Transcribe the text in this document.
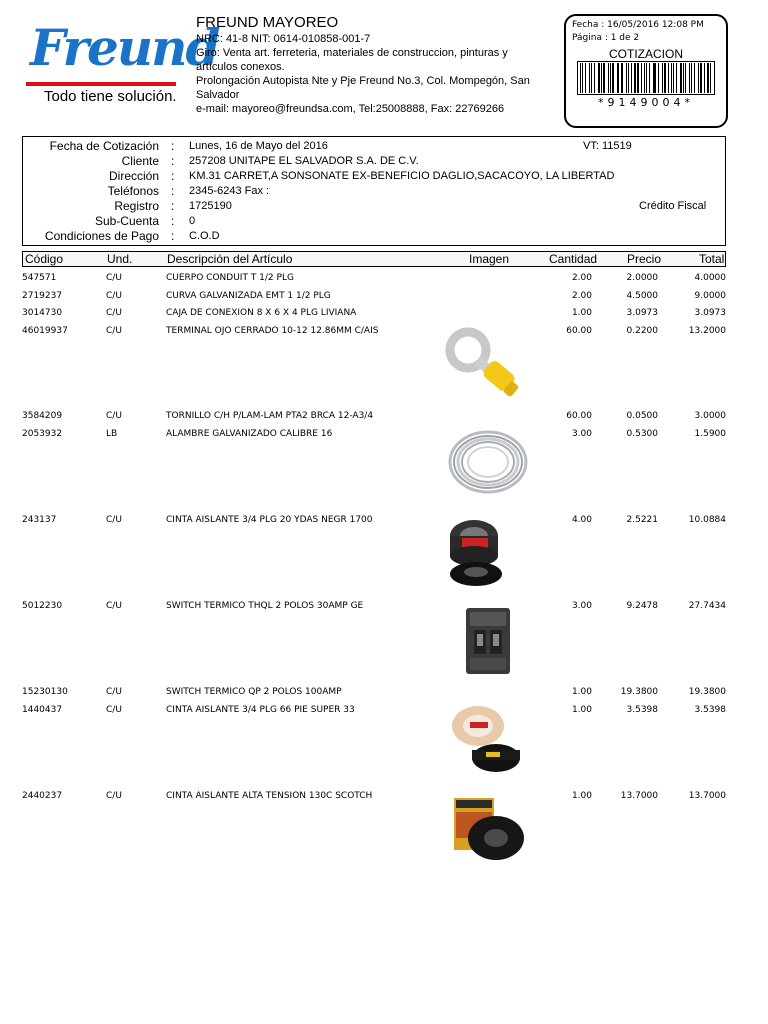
Freund
Todo tiene solución.
FREUND MAYOREO
NRC: 41-8 NIT: 0614-010858-001-7
Giro: Venta art. ferreteria, materiales de construccion, pinturas y artículos conexos.
Prolongación Autopista Nte y Pje Freund No.3, Col. Mompegón, San Salvador
e-mail: mayoreo@freundsa.com, Tel:25008888, Fax: 22769266
Fecha : 16/05/2016 12:08 PM
Página : 1 de 2
COTIZACION
*9149004*
Fecha de Cotización : Lunes, 16 de Mayo del 2016	VT: 11519
Cliente : 257208 UNITAPE EL SALVADOR S.A. DE C.V.
Dirección : KM.31 CARRET,A SONSONATE EX-BENEFICIO DAGLIO,SACACOYO, LA LIBERTAD
Teléfonos : 2345-6243 Fax :
Registro : 1725190	Crédito Fiscal
Sub-Cuenta : 0
Condiciones de Pago : C.O.D
Código	Und.	Descripción del Artículo	Imagen	Cantidad Precio	Total
547571	C/U	CUERPO CONDUIT T 1/2 PLG	2.00	2.0000	4.0000
2719237	C/U	CURVA GALVANIZADA EMT 1 1/2 PLG	2.00	4.5000	9.0000
3014730	C/U	CAJA DE CONEXION 8 X 6 X 4 PLG LIVIANA	1.00	3.0973	3.0973
46019937	C/U	TERMINAL OJO CERRADO 10-12 12.86MM C/AIS	60.00	0.2200	13.2000
3584209	C/U	TORNILLO C/H P/LAM-LAM PTA2 BRCA 12-A3/4	60.00	0.0500	3.0000
2053932	LB	ALAMBRE GALVANIZADO CALIBRE 16	3.00	0.5300	1.5900
243137	C/U	CINTA AISLANTE 3/4 PLG 20 YDAS NEGR 1700	4.00	2.5221	10.0884
5012230	C/U	SWITCH TERMICO THQL 2 POLOS 30AMP GE	3.00	9.2478	27.7434
15230130	C/U	SWITCH TERMICO QP 2 POLOS 100AMP	1.00	19.3800	19.3800
1440437	C/U	CINTA AISLANTE 3/4 PLG 66 PIE SUPER 33	1.00	3.5398	3.5398
2440237	C/U	CINTA AISLANTE ALTA TENSION 130C SCOTCH	1.00	13.7000	13.7000
